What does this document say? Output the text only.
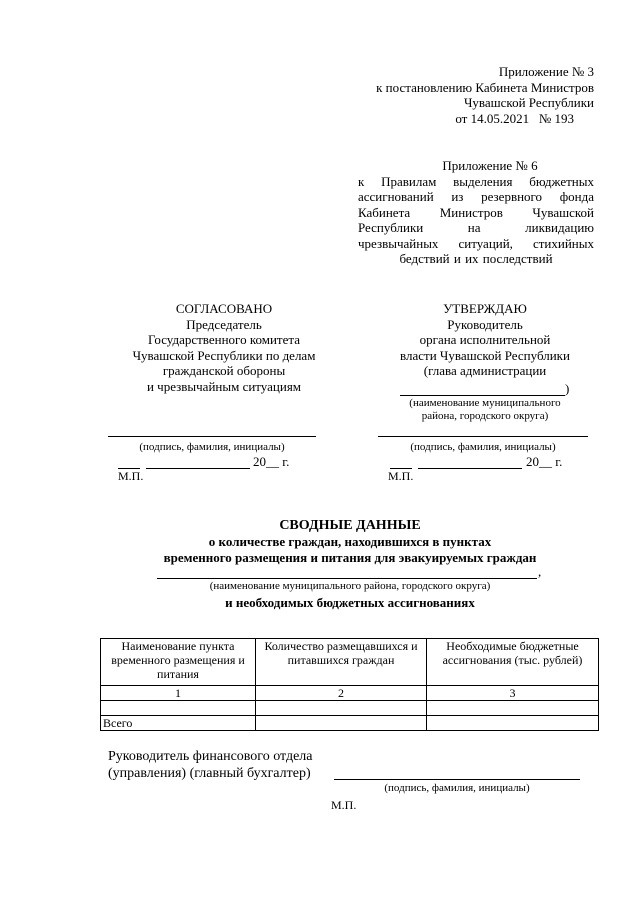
Приложение № 3
к постановлению Кабинета Министров
Чувашской Республики
от 14.05.2021   № 193
Приложение № 6
к Правилам выделения бюджетных ассигнований из резервного фонда Кабинета Министров Чувашской Республики на ликвидацию чрезвычайных ситуаций, стихийных бедствий и их последствий
СОГЛАСОВАНО
Председатель
Государственного комитета
Чувашской Республики по делам
гражданской обороны
и чрезвычайным ситуациям
(подпись, фамилия, инициалы)
20__ г.
М.П.
УТВЕРЖДАЮ
Руководитель
органа исполнительной
власти Чувашской Республики
(глава администрации
)
(наименование муниципального
района, городского округа)
(подпись, фамилия, инициалы)
20__ г.
М.П.
СВОДНЫЕ ДАННЫЕ
о количестве граждан, находившихся в пунктах
временного размещения и питания для эвакуируемых граждан
,
(наименование муниципального района, городского округа)
и необходимых бюджетных ассигнованиях
Наименование пункта временного размещения и питания	Количество размещавшихся и питавшихся граждан	Необходимые бюджетные ассигнования (тыс. рублей)
1	2	3

Всего		
Руководитель финансового отдела
(управления) (главный бухгалтер)
(подпись, фамилия, инициалы)
М.П.
